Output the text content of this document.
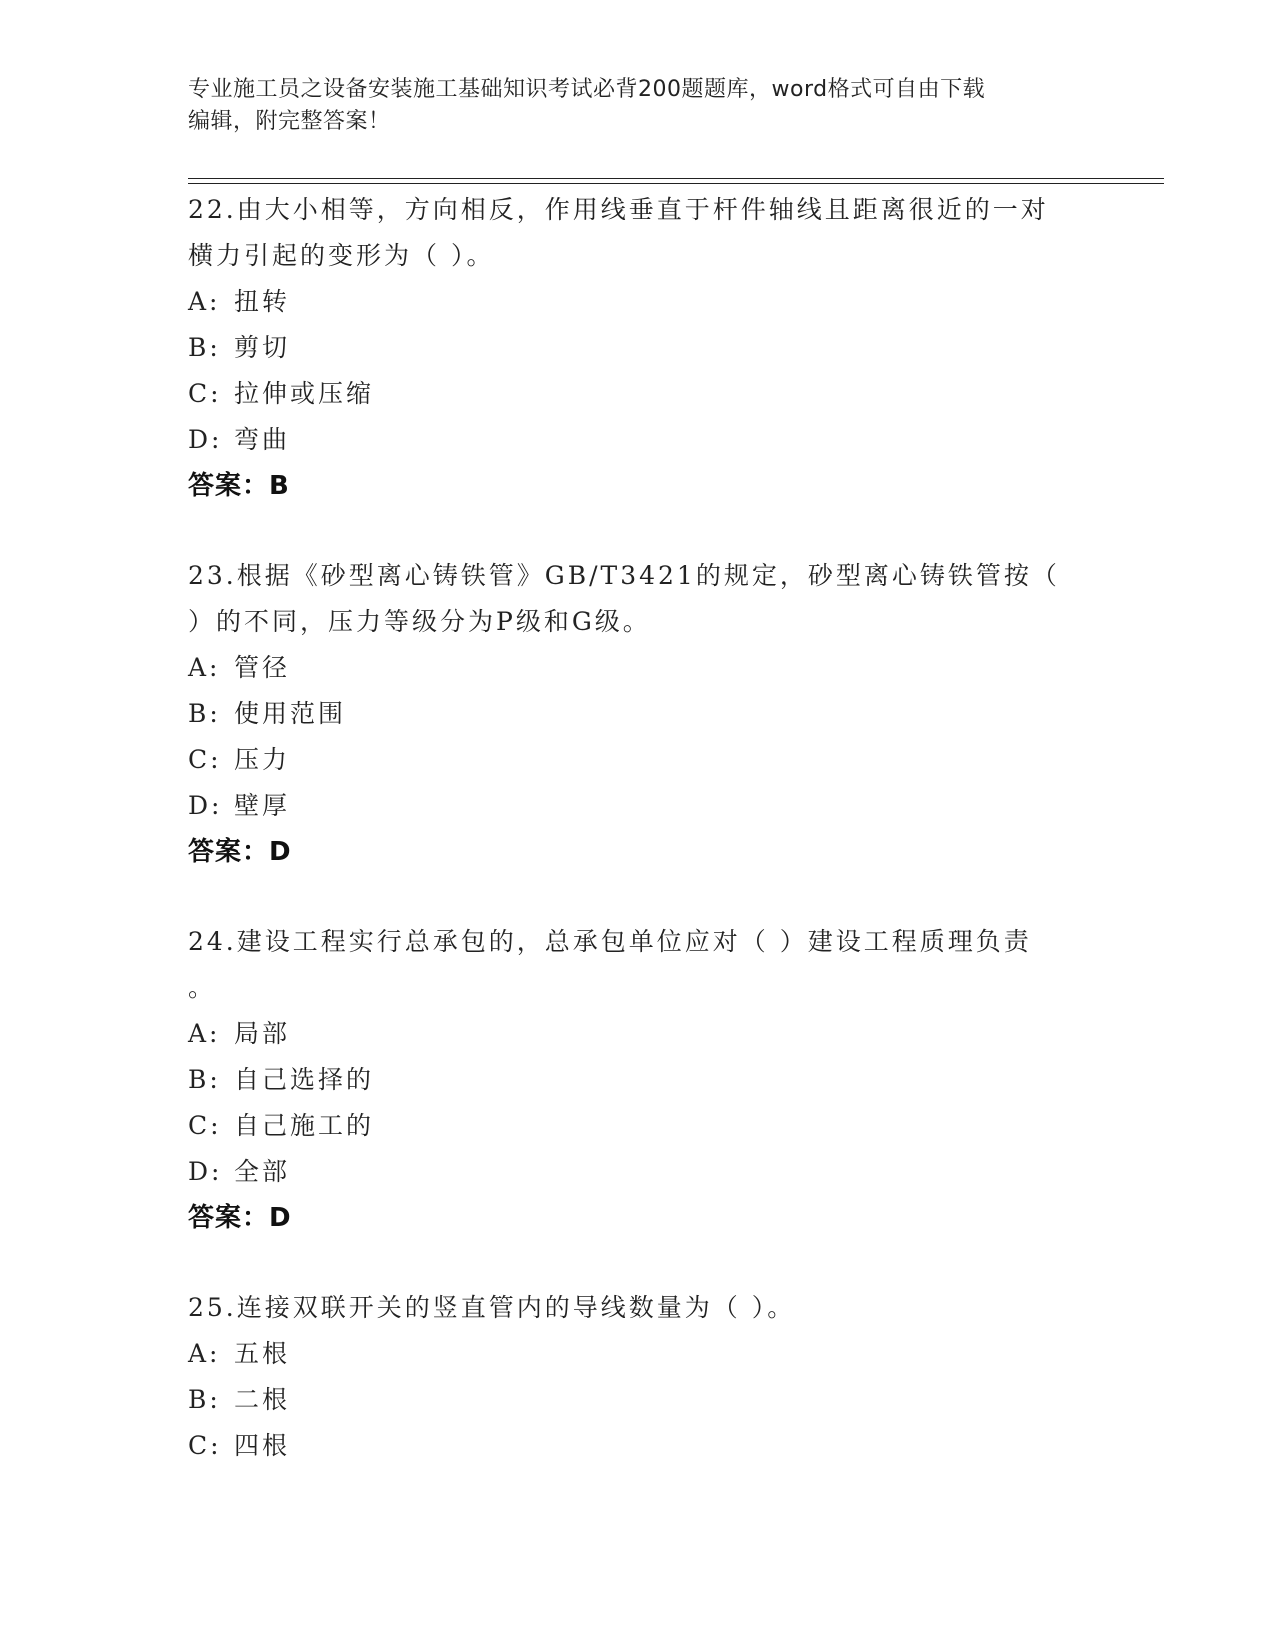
专业施工员之设备安装施工基础知识考试必背200题题库，word格式可自由下载
编辑，附完整答案！
22.由大小相等，方向相反，作用线垂直于杆件轴线且距离很近的一对
横力引起的变形为（ ）。
A: 扭转
B: 剪切
C: 拉伸或压缩
D: 弯曲
答案：B
23.根据《砂型离心铸铁管》GB/T3421的规定，砂型离心铸铁管按（
）的不同，压力等级分为P级和G级。
A: 管径
B: 使用范围
C: 压力
D: 壁厚
答案：D
24.建设工程实行总承包的，总承包单位应对（ ）建设工程质理负责
。
A: 局部
B: 自己选择的
C: 自己施工的
D: 全部
答案：D
25.连接双联开关的竖直管内的导线数量为（ ）。
A: 五根
B: 二根
C: 四根
